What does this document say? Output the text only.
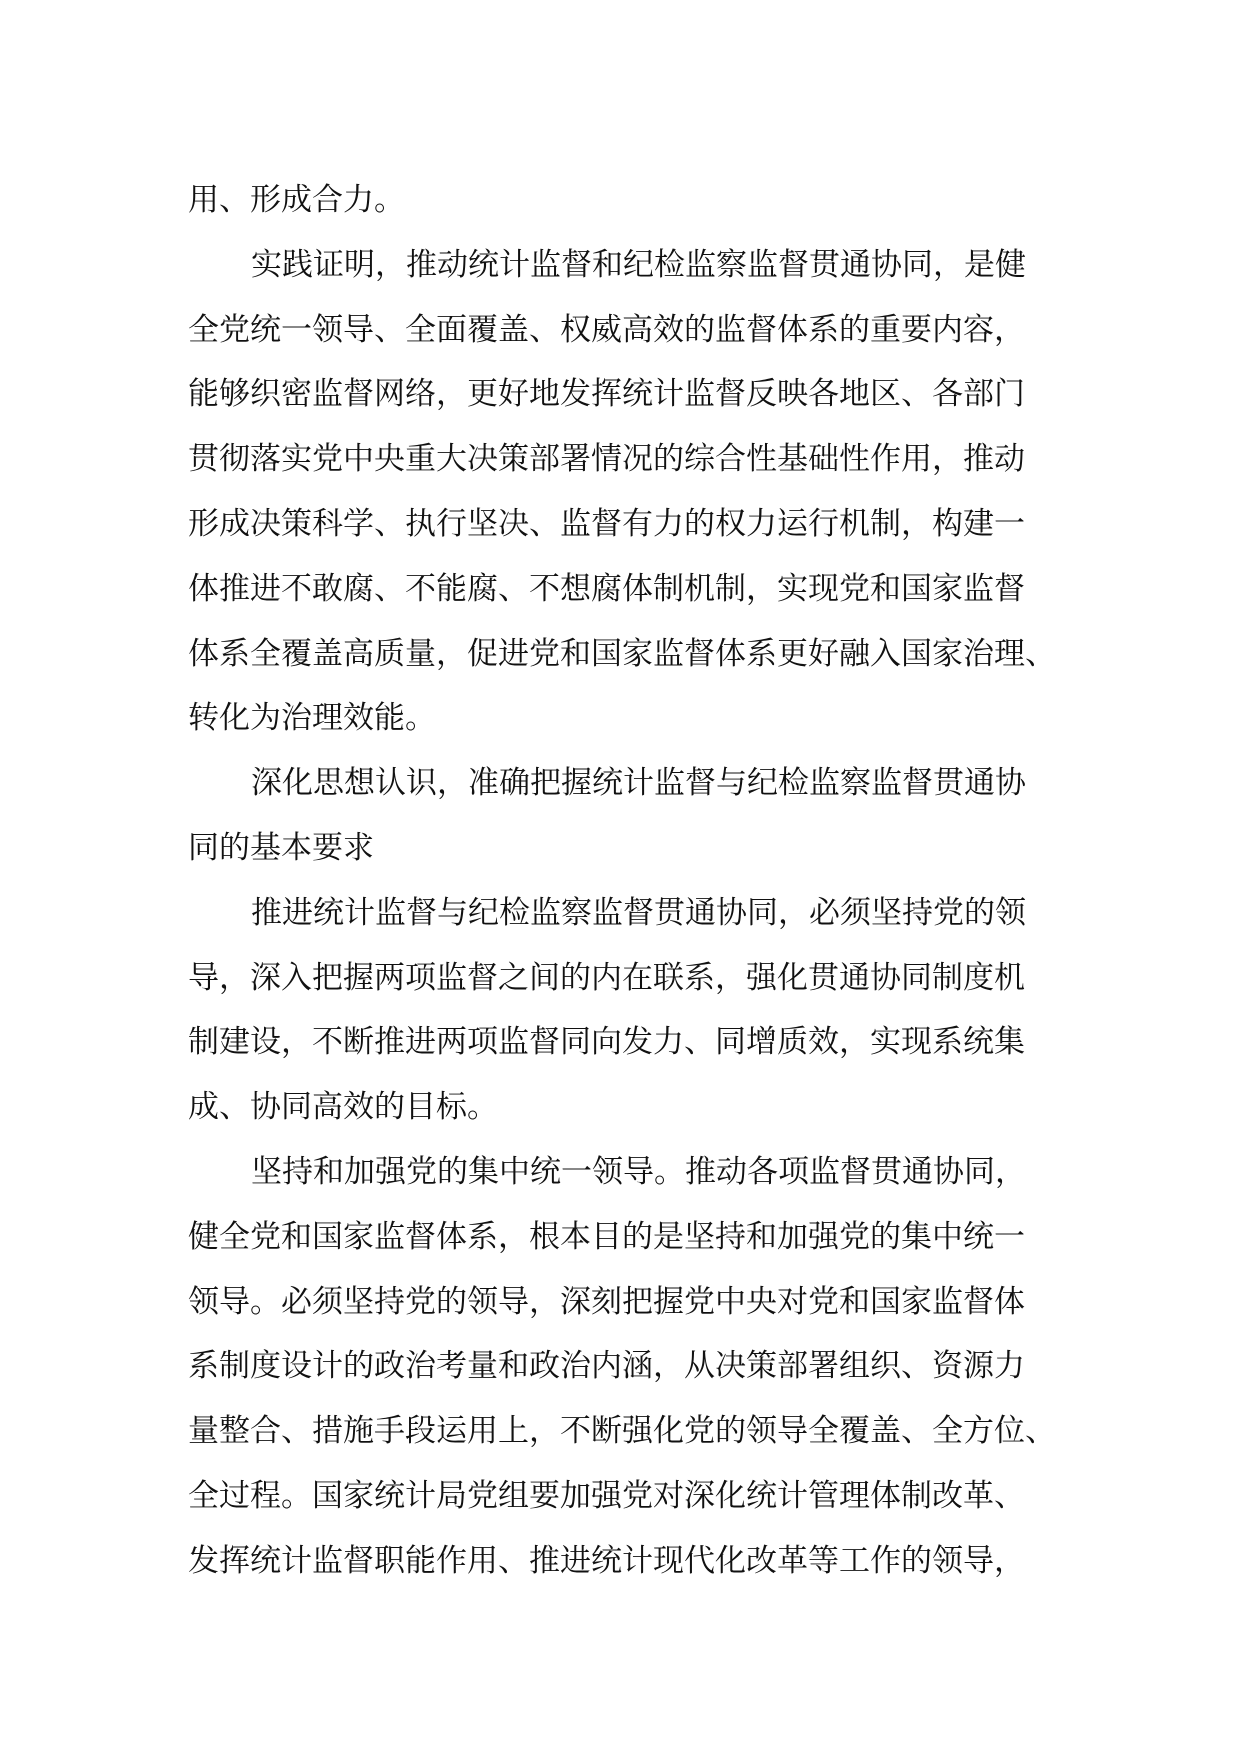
用、形成合力。
实践证明，推动统计监督和纪检监察监督贯通协同，是健
全党统一领导、全面覆盖、权威高效的监督体系的重要内容，
能够织密监督网络，更好地发挥统计监督反映各地区、各部门
贯彻落实党中央重大决策部署情况的综合性基础性作用，推动
形成决策科学、执行坚决、监督有力的权力运行机制，构建一
体推进不敢腐、不能腐、不想腐体制机制，实现党和国家监督
体系全覆盖高质量，促进党和国家监督体系更好融入国家治理、
转化为治理效能。
深化思想认识，准确把握统计监督与纪检监察监督贯通协
同的基本要求
推进统计监督与纪检监察监督贯通协同，必须坚持党的领
导，深入把握两项监督之间的内在联系，强化贯通协同制度机
制建设，不断推进两项监督同向发力、同增质效，实现系统集
成、协同高效的目标。
坚持和加强党的集中统一领导。推动各项监督贯通协同，
健全党和国家监督体系，根本目的是坚持和加强党的集中统一
领导。必须坚持党的领导，深刻把握党中央对党和国家监督体
系制度设计的政治考量和政治内涵，从决策部署组织、资源力
量整合、措施手段运用上，不断强化党的领导全覆盖、全方位、
全过程。国家统计局党组要加强党对深化统计管理体制改革、
发挥统计监督职能作用、推进统计现代化改革等工作的领导，
